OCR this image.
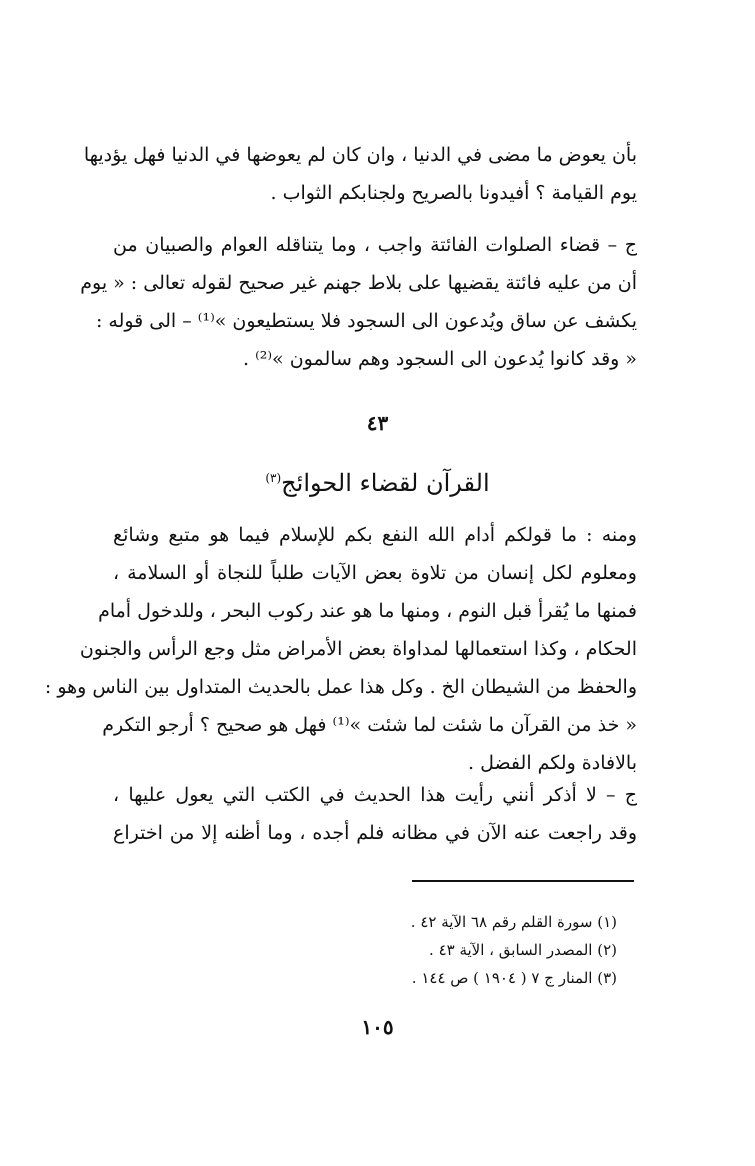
بأن يعوض ما مضى في الدنيا ، وان كان لم يعوضها في الدنيا فهل يؤديها
يوم القيامة ؟ أفيدونا بالصريح ولجنابكم الثواب .
ج – قضاء الصلوات الفائتة واجب ، وما يتناقله العوام والصبيان من
أن من عليه فائتة يقضيها على بلاط جهنم غير صحيح لقوله تعالى : « يوم
يكشف عن ساق ويُدعون الى السجود فلا يستطيعون »⁽¹⁾ – الى قوله :
« وقد كانوا يُدعون الى السجود وهم سالمون »⁽²⁾ .
٤٣
القرآن لقضاء الحوائج$^{(٣)}$
ومنه : ما قولكم أدام الله النفع بكم للإسلام فيما هو متبع وشائع
ومعلوم لكل إنسان من تلاوة بعض الآيات طلباً للنجاة أو السلامة ،
فمنها ما يُقرأ قبل النوم ، ومنها ما هو عند ركوب البحر ، وللدخول أمام
الحكام ، وكذا استعمالها لمداواة بعض الأمراض مثل وجع الرأس والجنون
والحفظ من الشيطان الخ . وكل هذا عمل بالحديث المتداول بين الناس وهو :
« خذ من القرآن ما شئت لما شئت »⁽¹⁾ فهل هو صحيح ؟ أرجو التكرم
بالافادة ولكم الفضل .
ج – لا أذكر أنني رأيت هذا الحديث في الكتب التي يعول عليها ،
وقد راجعت عنه الآن في مظانه فلم أجده ، وما أظنه إلا من اختراع
(١) سورة القلم رقم ٦٨ الآية ٤٢ .
(٢) المصدر السابق ، الآية ٤٣ .
(٣) المنار ج ٧ ( ١٩٠٤ ) ص ١٤٤ .
١٠٥
